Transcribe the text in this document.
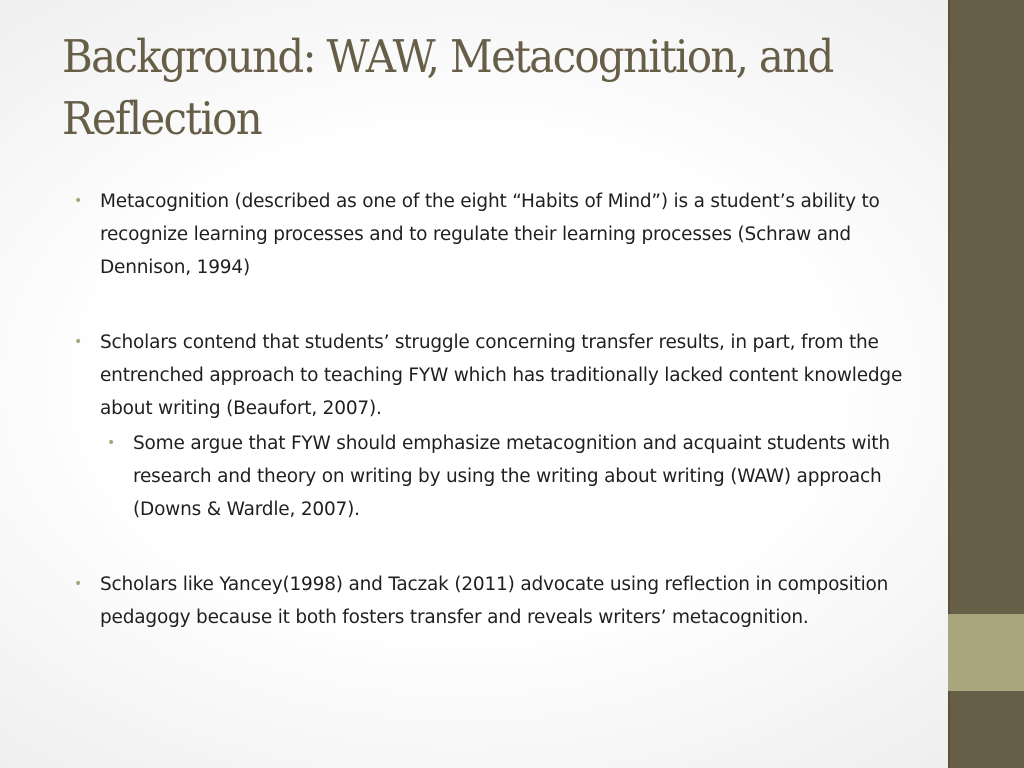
Background: WAW, Metacognition, and Reflection
• Metacognition (described as one of the eight “Habits of Mind”) is a student’s ability to recognize learning processes and to regulate their learning processes (Schraw and Dennison, 1994)
• Scholars contend that students’ struggle concerning transfer results, in part, from the entrenched approach to teaching FYW which has traditionally lacked content knowledge about writing (Beaufort, 2007).
• Some argue that FYW should emphasize metacognition and acquaint students with research and theory on writing by using the writing about writing (WAW) approach (Downs & Wardle, 2007).
• Scholars like Yancey(1998) and Taczak (2011) advocate using reflection in composition pedagogy because it both fosters transfer and reveals writers’ metacognition.
